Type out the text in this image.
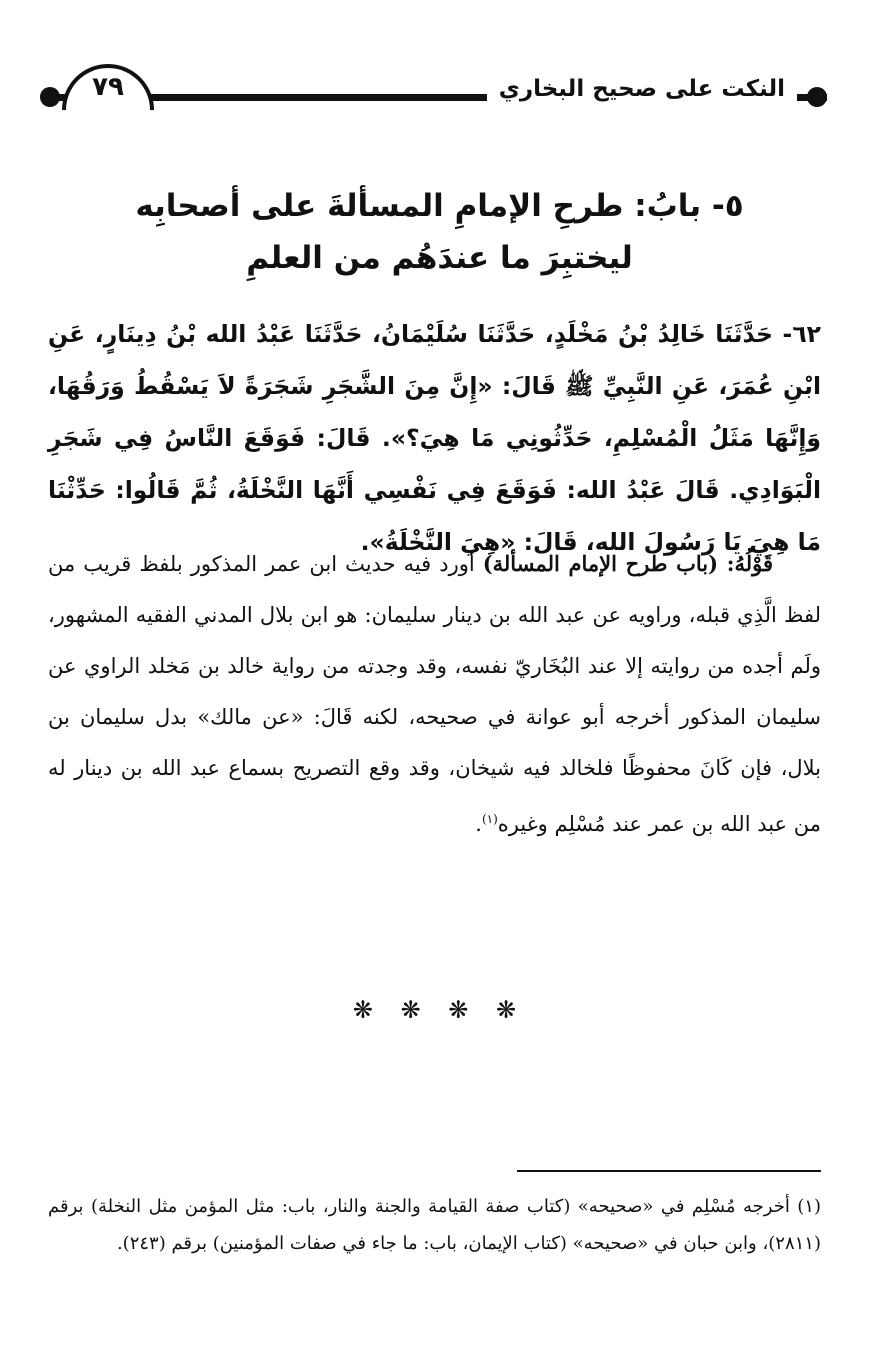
٧٩	النكت على صحيح البخاري
٥- بابُ: طرحِ الإمامِ المسألةَ على أصحابِه
ليختبِرَ ما عندَهُم من العلمِ
٦٢- حَدَّثَنَا خَالِدُ بْنُ مَخْلَدٍ، حَدَّثَنَا سُلَيْمَانُ، حَدَّثَنَا عَبْدُ الله بْنُ دِينَارٍ، عَنِ ابْنِ عُمَرَ، عَنِ النَّبِيِّ ﷺ قَالَ: «إِنَّ مِنَ الشَّجَرِ شَجَرَةً لاَ يَسْقُطُ وَرَقُهَا، وَإِنَّهَا مَثَلُ الْمُسْلِمِ، حَدِّثُونِي مَا هِيَ؟». قَالَ: فَوَقَعَ النَّاسُ فِي شَجَرِ الْبَوَادِي. قَالَ عَبْدُ الله: فَوَقَعَ فِي نَفْسِي أَنَّهَا النَّخْلَةُ، ثُمَّ قَالُوا: حَدِّثْنَا مَا هِيَ يَا رَسُولَ الله، قَالَ: «هِيَ النَّخْلَةُ».
قَوْلُهُ: (باب طرح الإمام المسألة) أورد فيه حديث ابن عمر المذكور بلفظ قريب من لفظ الَّذِي قبله، وراويه عن عبد الله بن دينار سليمان: هو ابن بلال المدني الفقيه المشهور، ولَم أجده من روايته إلا عند البُخَاريّ نفسه، وقد وجدته من رواية خالد بن مَخلد الراوي عن سليمان المذكور أخرجه أبو عوانة في صحيحه، لكنه قَالَ: «عن مالك» بدل سليمان بن بلال، فإن كَانَ محفوظًا فلخالد فيه شيخان، وقد وقع التصريح بسماع عبد الله بن دينار له من عبد الله بن عمر عند مُسْلِم وغيره$^{(١)}$.
❋ ❋ ❋ ❋
(١) أخرجه مُسْلِم في «صحيحه» (كتاب صفة القيامة والجنة والنار، باب: مثل المؤمن مثل النخلة) برقم (٢٨١١)، وابن حبان في «صحيحه» (كتاب الإيمان، باب: ما جاء في صفات المؤمنين) برقم (٢٤٣).
